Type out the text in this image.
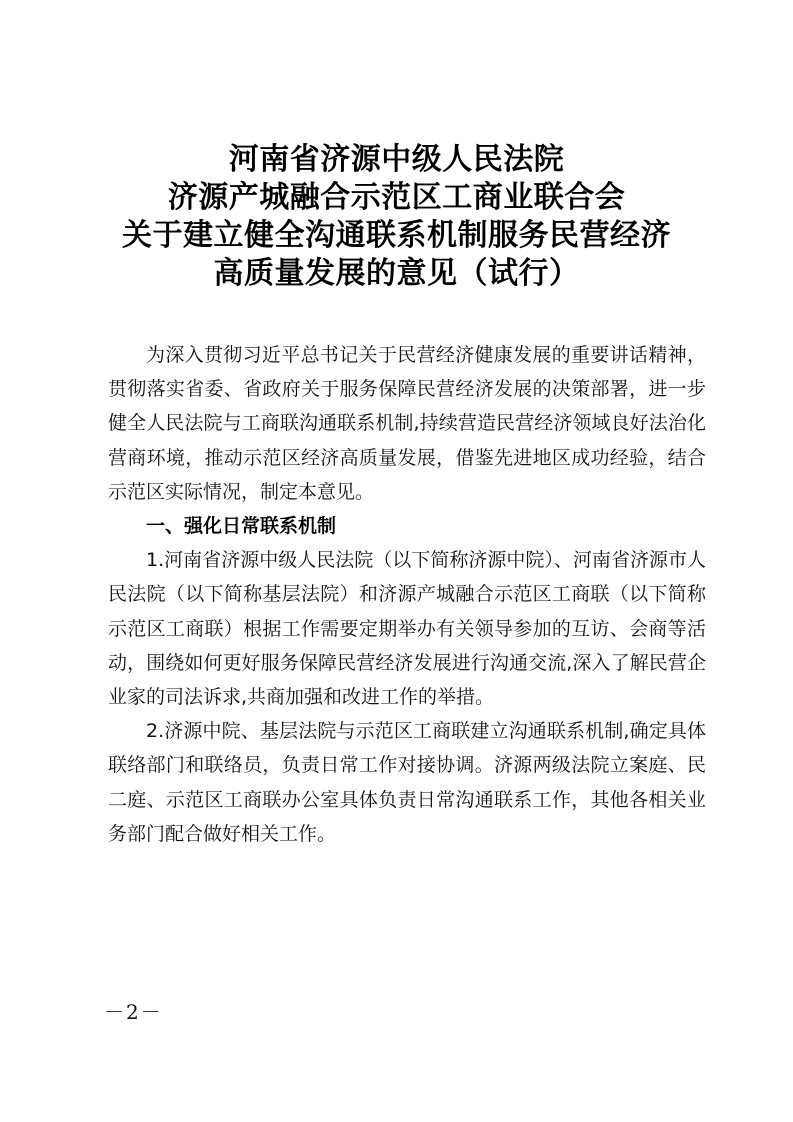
河南省济源中级人民法院
济源产城融合示范区工商业联合会
关于建立健全沟通联系机制服务民营经济
高质量发展的意见（试行）

为深入贯彻习近平总书记关于民营经济健康发展的重要讲话精神，贯彻落实省委、省政府关于服务保障民营经济发展的决策部署，进一步健全人民法院与工商联沟通联系机制,持续营造民营经济领域良好法治化营商环境，推动示范区经济高质量发展，借鉴先进地区成功经验，结合示范区实际情况，制定本意见。

一、强化日常联系机制

1.河南省济源中级人民法院（以下简称济源中院）、河南省济源市人民法院（以下简称基层法院）和济源产城融合示范区工商联（以下简称示范区工商联）根据工作需要定期举办有关领导参加的互访、会商等活动，围绕如何更好服务保障民营经济发展进行沟通交流,深入了解民营企业家的司法诉求,共商加强和改进工作的举措。

2.济源中院、基层法院与示范区工商联建立沟通联系机制,确定具体联络部门和联络员，负责日常工作对接协调。济源两级法院立案庭、民二庭、示范区工商联办公室具体负责日常沟通联系工作，其他各相关业务部门配合做好相关工作。

－2－
